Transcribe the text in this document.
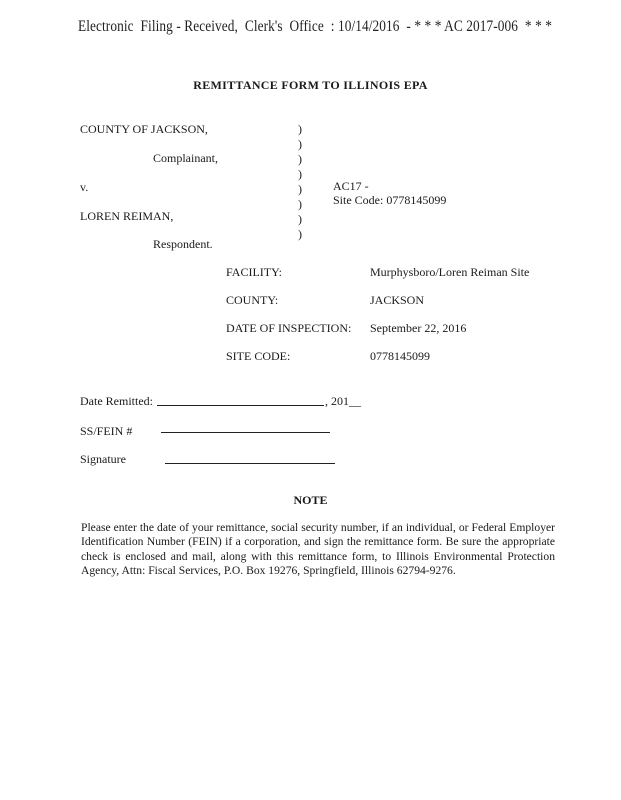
Electronic Filing - Received, Clerk's Office : 10/14/2016 - * * * AC 2017-006 * * *
REMITTANCE FORM TO ILLINOIS EPA
COUNTY OF JACKSON,
Complainant,
v.
LOREN REIMAN,
Respondent.
)
)
)
)
)
)
)
)
AC17 -
Site Code: 0778145099
FACILITY:	Murphysboro/Loren Reiman Site
COUNTY:	JACKSON
DATE OF INSPECTION: September 22, 2016
SITE CODE:	0778145099
Date Remitted:	, 201__
SS/FEIN #
Signature
NOTE
Please enter the date of your remittance, social security number, if an individual, or Federal Employer Identification Number (FEIN) if a corporation, and sign the remittance form. Be sure the appropriate check is enclosed and mail, along with this remittance form, to Illinois Environmental Protection Agency, Attn: Fiscal Services, P.O. Box 19276, Springfield, Illinois 62794-9276.
